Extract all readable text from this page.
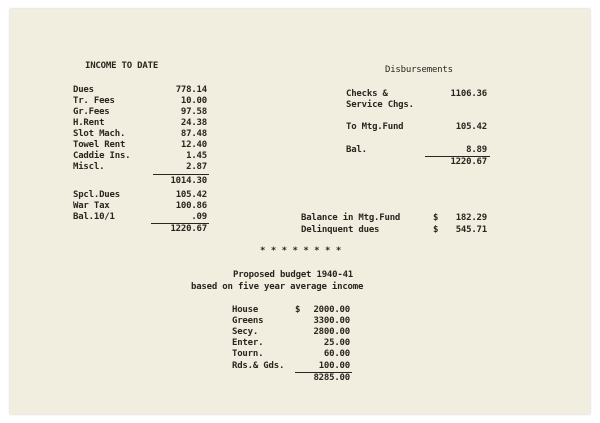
INCOME TO DATE
Dues	778.14
Tr. Fees	10.00
Gr.Fees	97.58
H.Rent	24.38
Slot Mach.	87.48
Towel Rent	12.40
Caddie Ins.	1.45
Miscl.	2.87
1014.30
Spcl.Dues	105.42
War Tax	100.86
Bal.10/1	.09
1220.67
Disbursements
Checks &	1106.36
Service Chgs.
To Mtg.Fund	105.42
Bal.	8.89
1220.67
Balance in Mtg.Fund	$	182.29
Delinquent dues	$	545.71
* * * * * * * *
Proposed budget 1940-41
based on five year average income
House	$	2000.00
Greens	3300.00
Secy.	2800.00
Enter.	25.00
Tourn.	60.00
Rds.& Gds.	100.00
8285.00
